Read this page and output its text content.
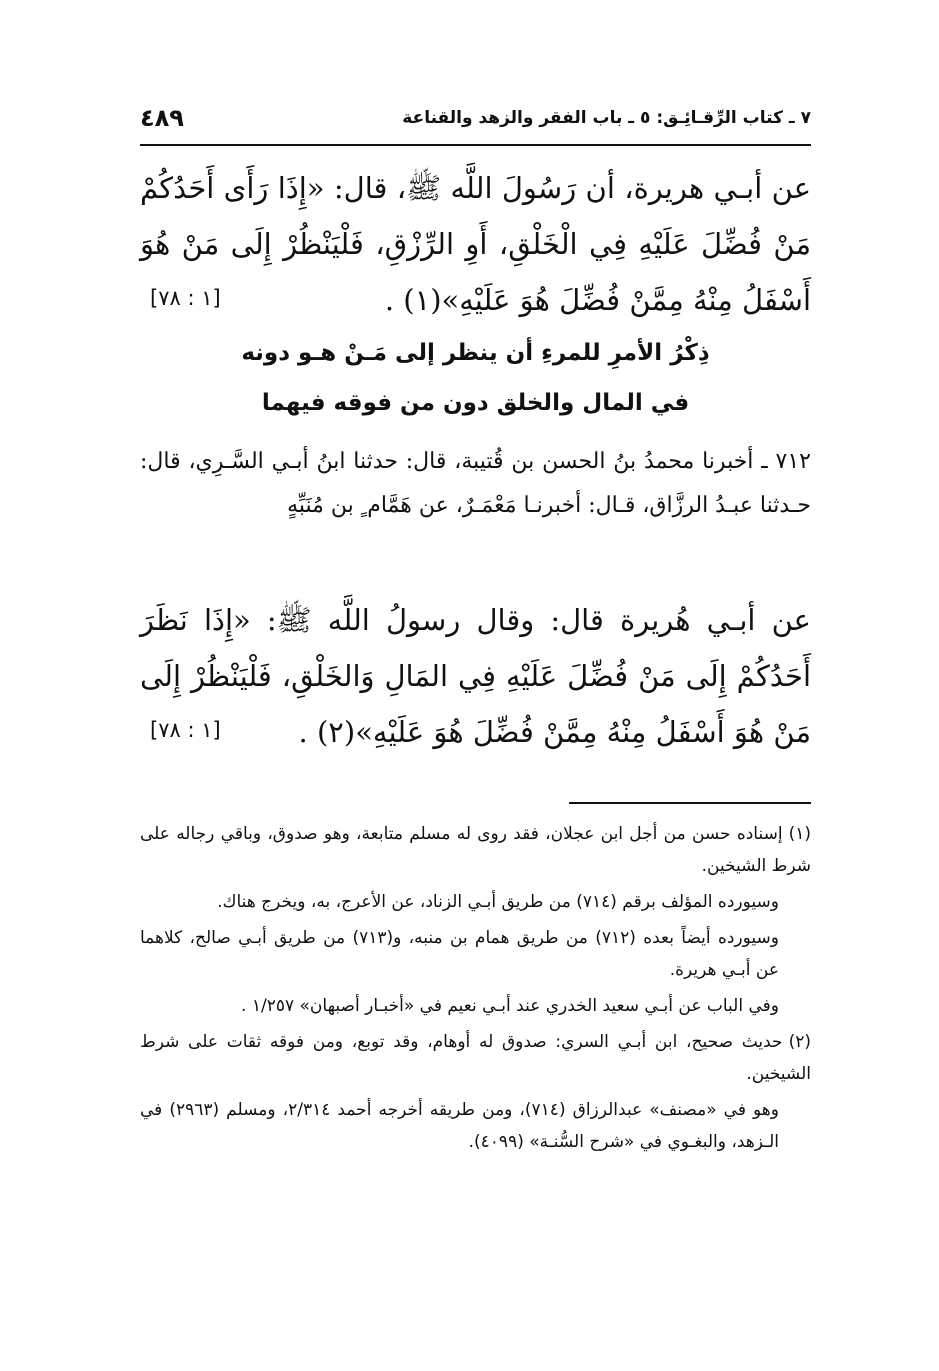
٧ ـ كتاب الرِّقـائِـق: ٥ ـ باب الفقر والزهد والقناعة
٤٨٩
عن أبـي هريرة، أن رَسُولَ اللَّه ﷺ، قال: «إِذَا رَأَى أَحَدُكُمْ مَنْ فُضِّلَ عَلَيْهِ فِي الْخَلْقِ، أَوِ الرِّزْقِ، فَلْيَنْظُرْ إِلَى مَنْ هُوَ أَسْفَلُ مِنْهُ مِمَّنْ فُضِّلَ هُوَ عَلَيْهِ»(١) .
[١ : ٧٨]
ذِكْرُ الأمرِ للمرءِ أن ينظر إلى مَـنْ هـو دونه
في المال والخلق دون من فوقه فيهما
٧١٢ ـ أخبرنا محمدُ بنُ الحسن بن قُتيبة، قال: حدثنا ابنُ أبـي السَّـرِي، قال: حـدثنا عبـدُ الرزَّاق، قـال: أخبرنـا مَعْمَـرٌ، عن هَمَّام ٍ بن مُنَبِّهٍ
عن أبـي هُريرة قال: وقال رسولُ اللَّه ﷺ: «إِذَا نَظَرَ أَحَدُكُمْ إِلَى مَنْ فُضِّلَ عَلَيْهِ فِي المَالِ وَالخَلْقِ، فَلْيَنْظُرْ إِلَى مَنْ هُوَ أَسْفَلُ مِنْهُ مِمَّنْ فُضِّلَ هُوَ عَلَيْهِ»(٢) .
[١ : ٧٨]

(١)إسناده حسن من أجل ابن عجلان، فقد روى له مسلم متابعة، وهو صدوق، وباقي رجاله على شرط الشيخين.

وسيورده المؤلف برقم (٧١٤) من طريق أبـي الزناد، عن الأعرج، به، ويخرج هناك.

وسيورده أيضاً بعده (٧١٢) من طريق همام بن منبه، و(٧١٣) من طريق أبـي صالح، كلاهما عن أبـي هريرة.

وفي الباب عن أبـي سعيد الخدري عند أبـي نعيم في «أخبـار أصبهان» ١/٢٥٧ .

(٢)حديث صحيح، ابن أبـي السري: صدوق له أوهام، وقد توبع، ومن فوقه ثقات على شرط الشيخين.

وهو في «مصنف» عبدالرزاق (٧١٤)، ومن طريقه أخرجه أحمد ٢/٣١٤، ومسلم (٢٩٦٣) في الـزهد، والبغـوي في «شرح السُّنـة» (٤٠٩٩).
